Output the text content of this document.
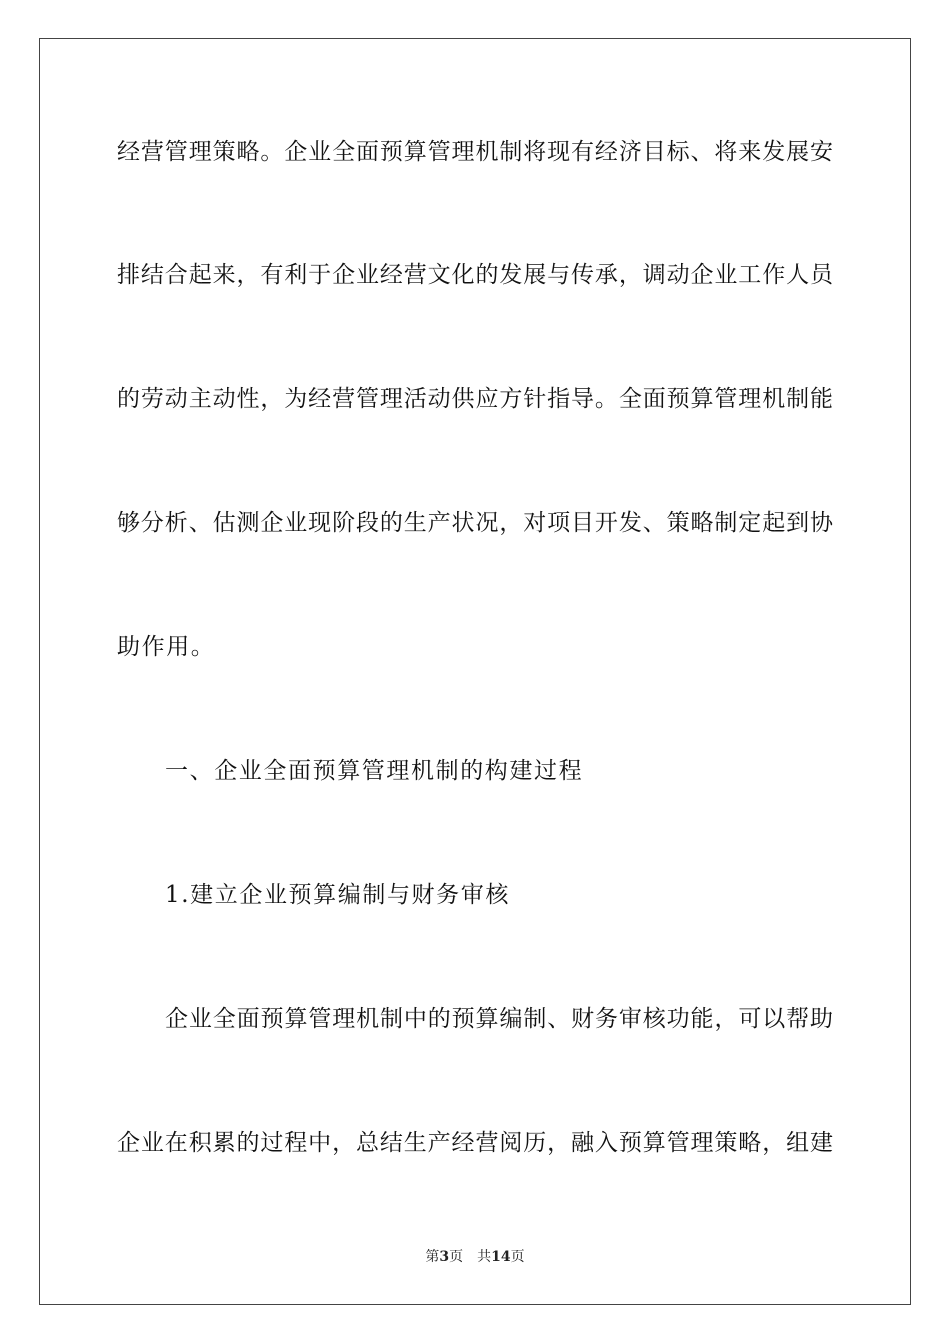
经营管理策略。企业全面预算管理机制将现有经济目标、将来发展安
排结合起来，有利于企业经营文化的发展与传承，调动企业工作人员
的劳动主动性，为经营管理活动供应方针指导。全面预算管理机制能
够分析、估测企业现阶段的生产状况，对项目开发、策略制定起到协
助作用。
一、企业全面预算管理机制的构建过程
1.建立企业预算编制与财务审核
企业全面预算管理机制中的预算编制、财务审核功能，可以帮助
企业在积累的过程中，总结生产经营阅历，融入预算管理策略，组建
第3页 共14页
